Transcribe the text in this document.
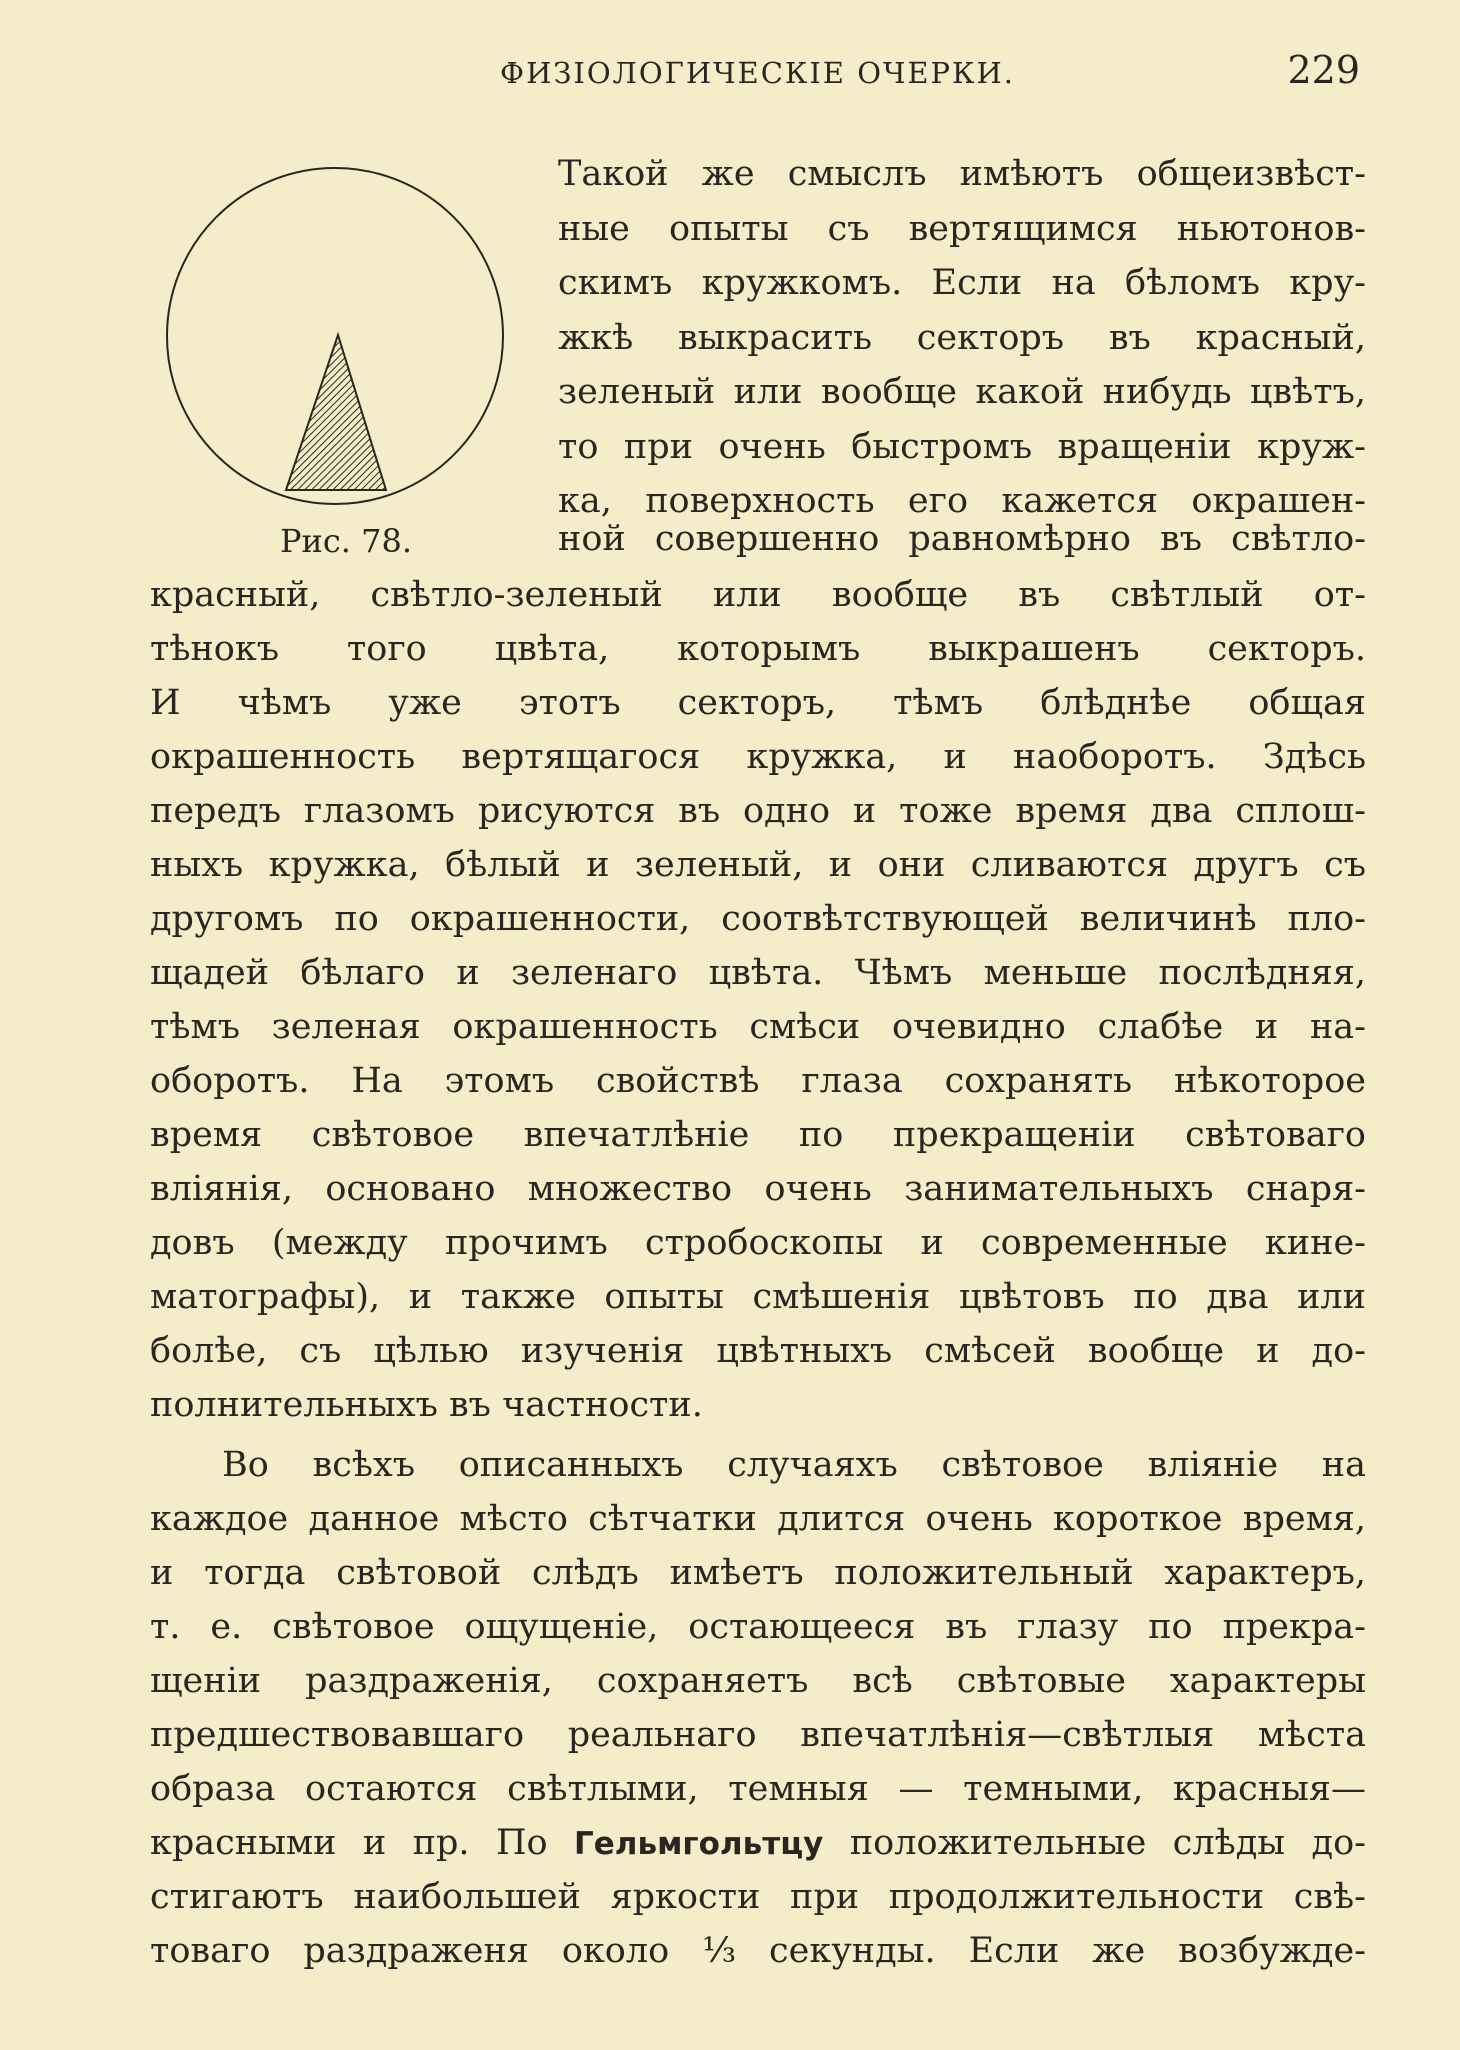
ФИЗІОЛОГИЧЕСКІЕ ОЧЕРКИ.	229
Рис. 78.
Такой же смыслъ имѣютъ общеизвѣст-
ные опыты съ вертящимся ньютонов-
скимъ кружкомъ. Если на бѣломъ кру-
жкѣ выкрасить секторъ въ красный,
зеленый или вообще какой нибудь цвѣтъ,
то при очень быстромъ вращеніи круж-
ка, поверхность его кажется окрашен-
ной совершенно равномѣрно въ свѣтло-
красный, свѣтло-зеленый или вообще въ свѣтлый от-
тѣнокъ того цвѣта, которымъ выкрашенъ секторъ.
И чѣмъ уже этотъ секторъ, тѣмъ блѣднѣе общая
окрашенность вертящагося кружка, и наоборотъ. Здѣсь
передъ глазомъ рисуются въ одно и тоже время два сплош-
ныхъ кружка, бѣлый и зеленый, и они сливаются другъ съ
другомъ по окрашенности, соотвѣтствующей величинѣ пло-
щадей бѣлаго и зеленаго цвѣта. Чѣмъ меньше послѣдняя,
тѣмъ зеленая окрашенность смѣси очевидно слабѣе и на-
оборотъ. На этомъ свойствѣ глаза сохранять нѣкоторое
время свѣтовое впечатлѣніе по прекращеніи свѣтоваго
вліянія, основано множество очень занимательныхъ снаря-
довъ (между прочимъ стробоскопы и современные кине-
матографы), и также опыты смѣшенія цвѣтовъ по два или
болѣе, съ цѣлью изученія цвѣтныхъ смѣсей вообще и до-
полнительныхъ въ частности.
Во всѣхъ описанныхъ случаяхъ свѣтовое вліяніе на
каждое данное мѣсто сѣтчатки длится очень короткое время,
и тогда свѣтовой слѣдъ имѣетъ положительный характеръ,
т. е. свѣтовое ощущеніе, остающееся въ глазу по прекра-
щеніи раздраженія, сохраняетъ всѣ свѣтовые характеры
предшествовавшаго реальнаго впечатлѣнія—свѣтлыя мѣста
образа остаются свѣтлыми, темныя — темными, красныя—
красными и пр. По Гельмгольтцу положительные слѣды до-
стигаютъ наибольшей яркости при продолжительности свѣ-
товаго раздраженя около ⅓ секунды. Если же возбужде-
